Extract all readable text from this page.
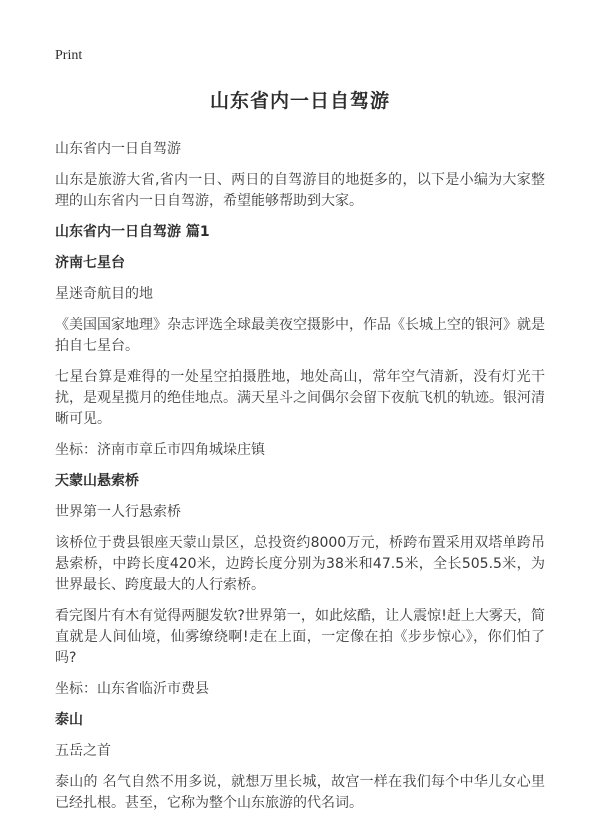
Print
山东省内一日自驾游

山东省内一日自驾游

山东是旅游大省,省内一日、两日的自驾游目的地挺多的，以下是小编为大家整理的山东省内一日自驾游，希望能够帮助到大家。

山东省内一日自驾游 篇1

济南七星台

星迷奇航目的地

《美国国家地理》杂志评选全球最美夜空摄影中，作品《长城上空的银河》就是拍自七星台。

七星台算是难得的一处星空拍摄胜地，地处高山，常年空气清新，没有灯光干扰，是观星揽月的绝佳地点。满天星斗之间偶尔会留下夜航飞机的轨迹。银河清晰可见。

坐标：济南市章丘市四角城垛庄镇

天蒙山悬索桥

世界第一人行悬索桥

该桥位于费县银座天蒙山景区，总投资约8000万元，桥跨布置采用双塔单跨吊悬索桥，中跨长度420米，边跨长度分别为38米和47.5米，全长505.5米，为世界最长、跨度最大的人行索桥。

看完图片有木有觉得两腿发软?世界第一，如此炫酷，让人震惊!赶上大雾天，简直就是人间仙境，仙雾缭绕啊!走在上面，一定像在拍《步步惊心》，你们怕了吗?

坐标：山东省临沂市费县

泰山

五岳之首

泰山的 名气自然不用多说，就想万里长城，故宫一样在我们每个中华儿女心里已经扎根。甚至，它称为整个山东旅游的代名词。
